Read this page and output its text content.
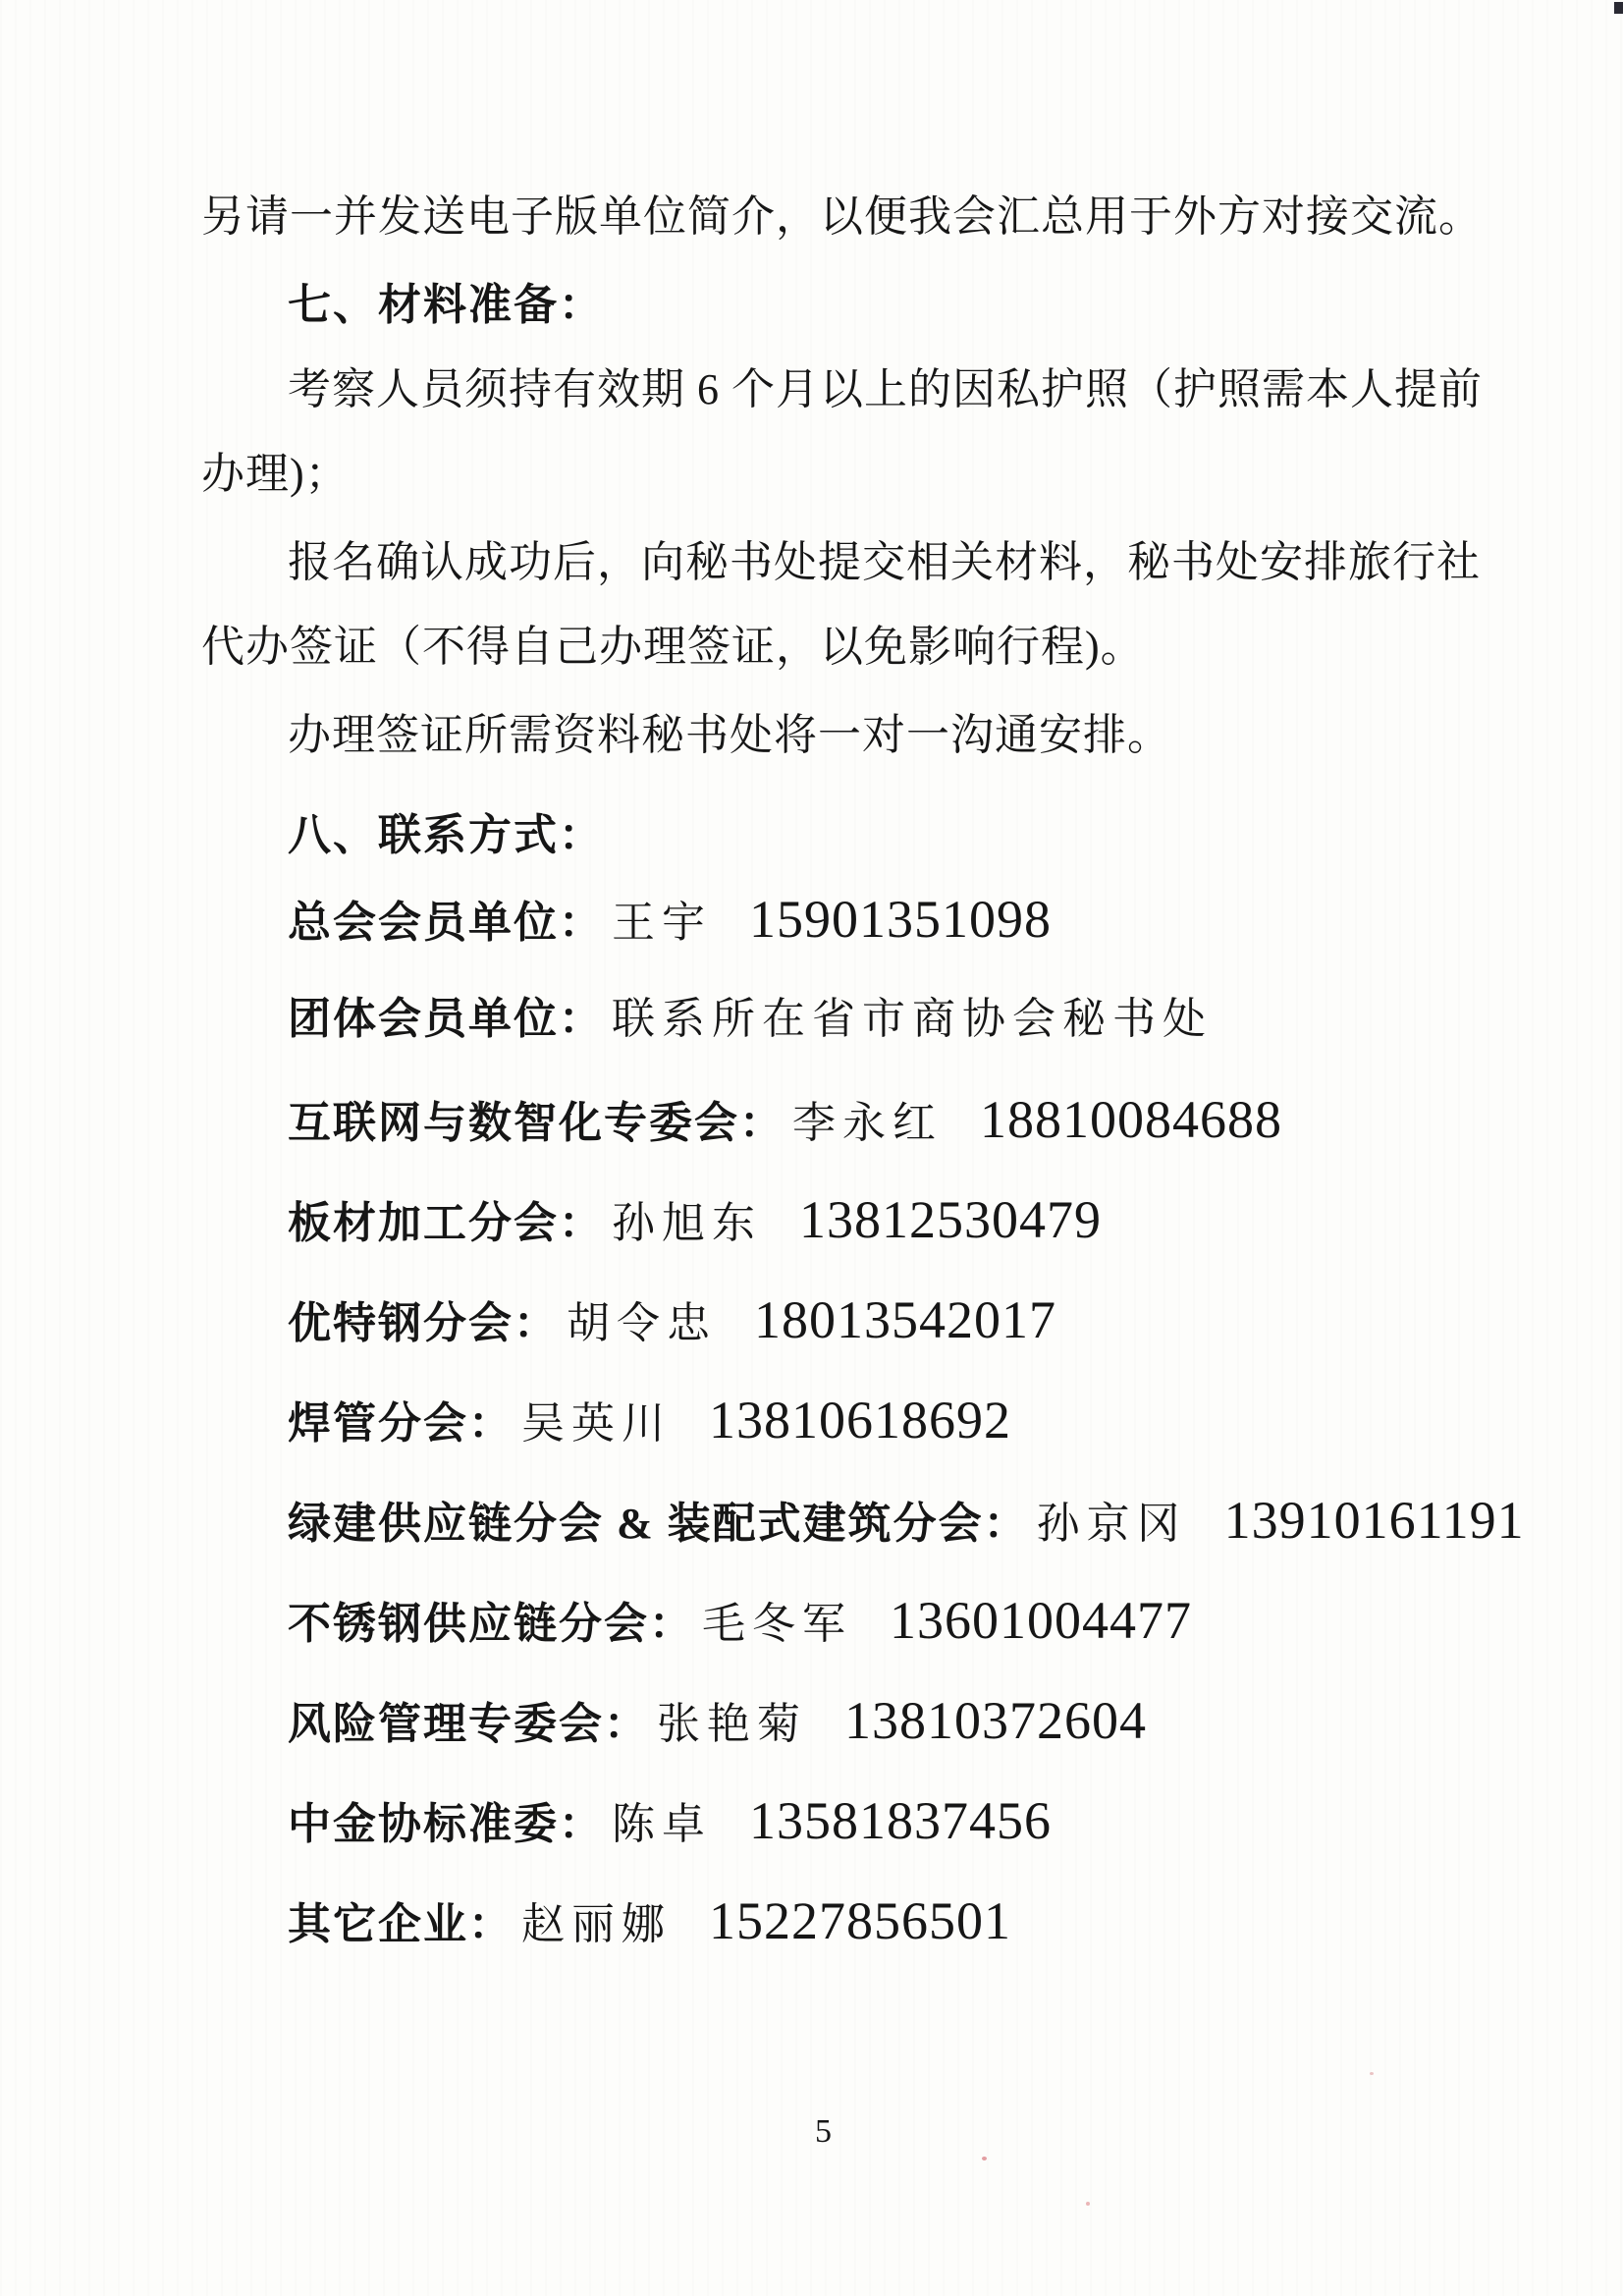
另请一并发送电子版单位简介，以便我会汇总用于外方对接交流。
七、材料准备：
考察人员须持有效期 6 个月以上的因私护照（护照需本人提前
办理)；
报名确认成功后，向秘书处提交相关材料，秘书处安排旅行社
代办签证（不得自己办理签证，以免影响行程)。
办理签证所需资料秘书处将一对一沟通安排。
八、联系方式：
总会会员单位： 王宇 15901351098
团体会员单位： 联系所在省市商协会秘书处
互联网与数智化专委会： 李永红 18810084688
板材加工分会： 孙旭东 13812530479
优特钢分会： 胡令忠 18013542017
焊管分会： 吴英川 13810618692
绿建供应链分会 & 装配式建筑分会： 孙京冈 13910161191
不锈钢供应链分会： 毛冬军 13601004477
风险管理专委会： 张艳菊 13810372604
中金协标准委： 陈卓 13581837456
其它企业： 赵丽娜 15227856501
5
